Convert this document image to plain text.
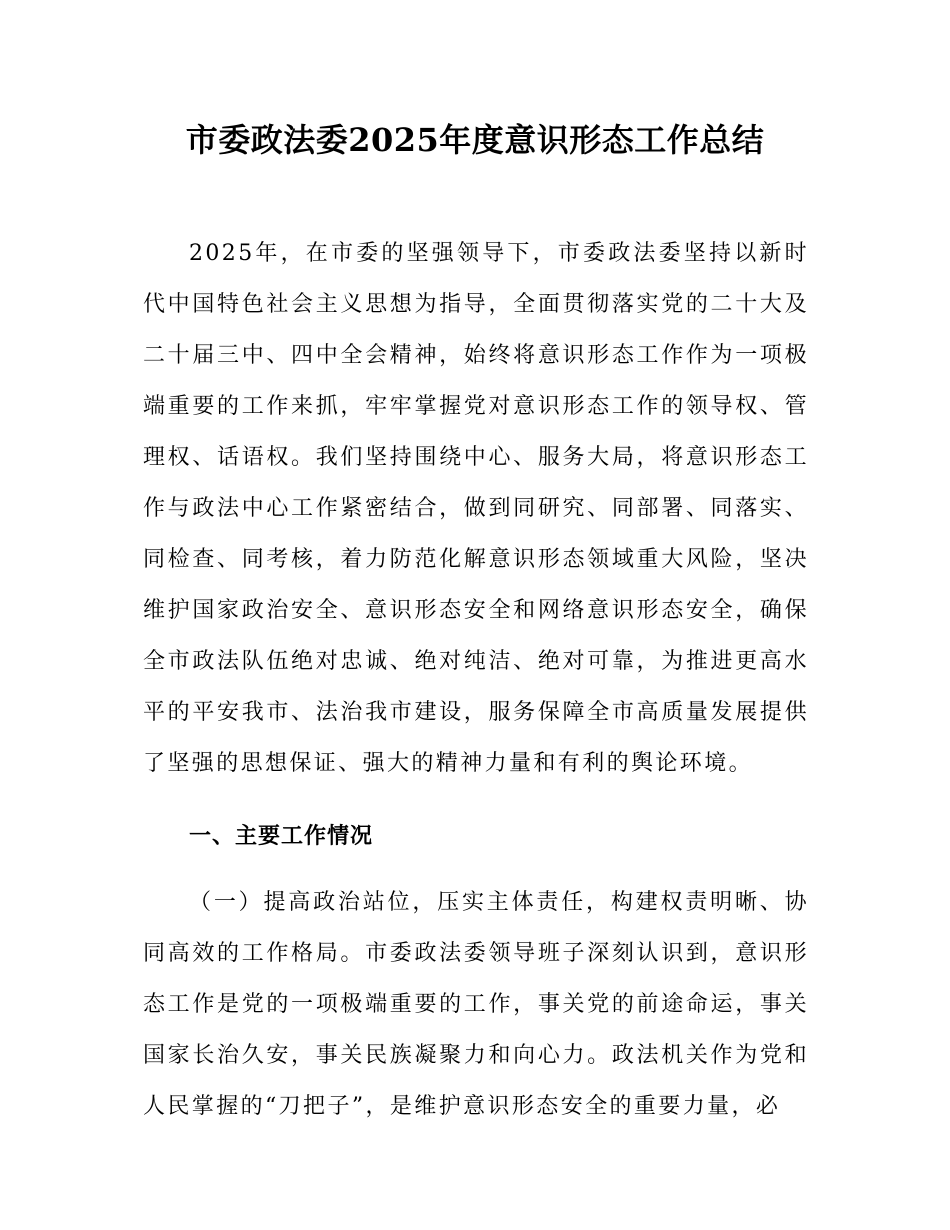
市委政法委2025年度意识形态工作总结

2025年，在市委的坚强领导下，市委政法委坚持以新时代中国特色社会主义思想为指导，全面贯彻落实党的二十大及二十届三中、四中全会精神，始终将意识形态工作作为一项极端重要的工作来抓，牢牢掌握党对意识形态工作的领导权、管理权、话语权。我们坚持围绕中心、服务大局，将意识形态工作与政法中心工作紧密结合，做到同研究、同部署、同落实、同检查、同考核，着力防范化解意识形态领域重大风险，坚决维护国家政治安全、意识形态安全和网络意识形态安全，确保全市政法队伍绝对忠诚、绝对纯洁、绝对可靠，为推进更高水平的平安我市、法治我市建设，服务保障全市高质量发展提供了坚强的思想保证、强大的精神力量和有利的舆论环境。

一、主要工作情况

（一）提高政治站位，压实主体责任，构建权责明晰、协同高效的工作格局。市委政法委领导班子深刻认识到，意识形态工作是党的一项极端重要的工作，事关党的前途命运，事关国家长治久安，事关民族凝聚力和向心力。政法机关作为党和人民掌握的“刀把子”，是维护意识形态安全的重要力量，必
